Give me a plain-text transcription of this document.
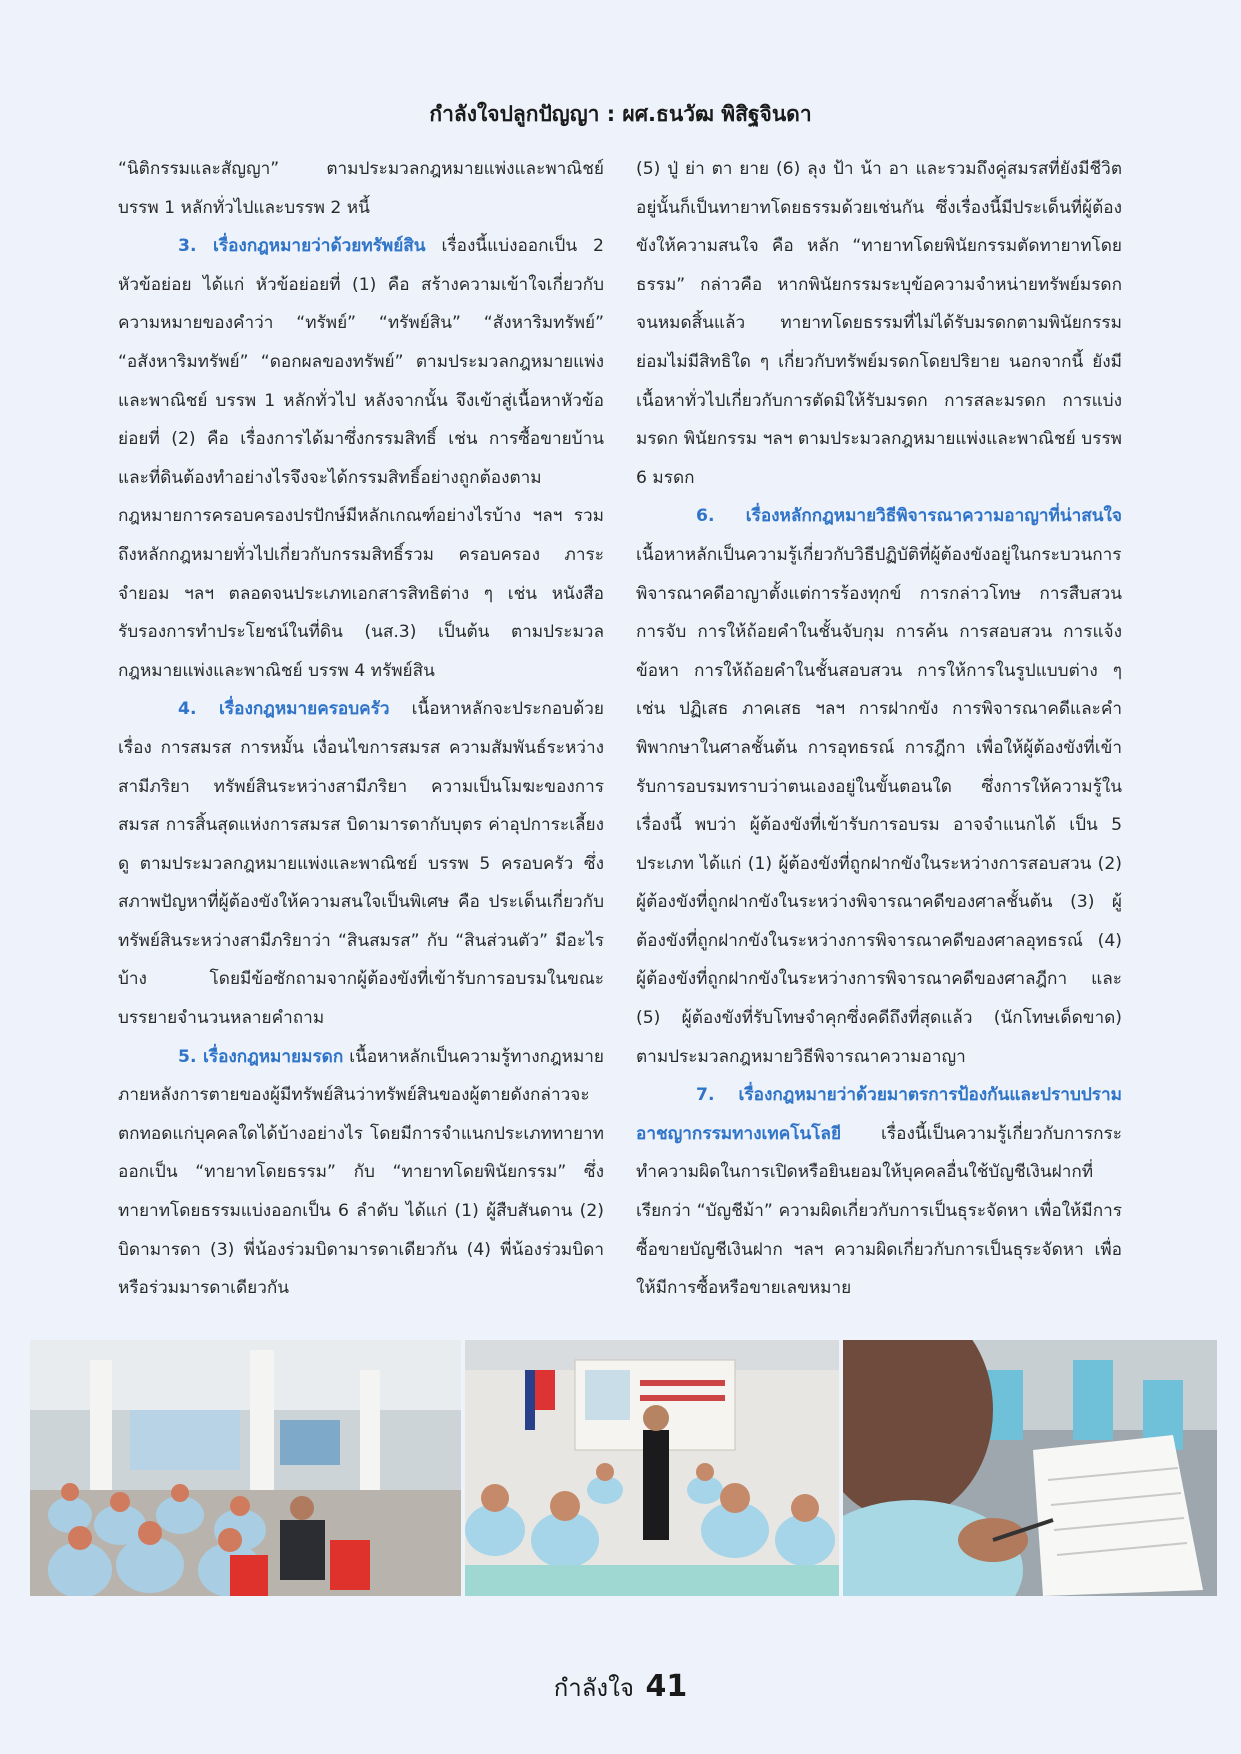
กำลังใจปลูกปัญญา : ผศ.ธนวัฒ พิสิฐจินดา

“นิติกรรมและสัญญา” ตามประมวลกฎหมายแพ่งและพาณิชย์ บรรพ 1 หลักทั่วไปและบรรพ 2 หนี้

3. เรื่องกฎหมายว่าด้วยทรัพย์สิน เรื่องนี้แบ่งออกเป็น 2 หัวข้อย่อย ได้แก่ หัวข้อย่อยที่ (1) คือ สร้างความเข้าใจเกี่ยวกับความหมายของคำว่า “ทรัพย์” “ทรัพย์สิน” “สังหาริมทรัพย์” “อสังหาริมทรัพย์” “ดอกผลของทรัพย์” ตามประมวลกฎหมายแพ่งและพาณิชย์ บรรพ 1 หลักทั่วไป หลังจากนั้น จึงเข้าสู่เนื้อหาหัวข้อย่อยที่ (2) คือ เรื่องการได้มาซึ่งกรรมสิทธิ์ เช่น การซื้อขายบ้านและที่ดินต้องทำอย่างไรจึงจะได้กรรมสิทธิ์อย่างถูกต้องตามกฎหมายการครอบครองปรปักษ์มีหลักเกณฑ์อย่างไรบ้าง ฯลฯ รวมถึงหลักกฎหมายทั่วไปเกี่ยวกับกรรมสิทธิ์รวม ครอบครอง ภาระจำยอม ฯลฯ ตลอดจนประเภทเอกสารสิทธิต่าง ๆ เช่น หนังสือรับรองการทำประโยชน์ในที่ดิน (นส.3) เป็นต้น ตามประมวลกฎหมายแพ่งและพาณิชย์ บรรพ 4 ทรัพย์สิน

4. เรื่องกฎหมายครอบครัว เนื้อหาหลักจะประกอบด้วย เรื่อง การสมรส การหมั้น เงื่อนไขการสมรส ความสัมพันธ์ระหว่างสามีภริยา ทรัพย์สินระหว่างสามีภริยา ความเป็นโมฆะของการสมรส การสิ้นสุดแห่งการสมรส บิดามารดากับบุตร ค่าอุปการะเลี้ยงดู ตามประมวลกฎหมายแพ่งและพาณิชย์ บรรพ 5 ครอบครัว ซึ่งสภาพปัญหาที่ผู้ต้องขังให้ความสนใจเป็นพิเศษ คือ ประเด็นเกี่ยวกับทรัพย์สินระหว่างสามีภริยาว่า “สินสมรส” กับ “สินส่วนตัว” มีอะไรบ้าง โดยมีข้อซักถามจากผู้ต้องขังที่เข้ารับการอบรมในขณะบรรยายจำนวนหลายคำถาม

5. เรื่องกฎหมายมรดก เนื้อหาหลักเป็นความรู้ทางกฎหมายภายหลังการตายของผู้มีทรัพย์สินว่าทรัพย์สินของผู้ตายดังกล่าวจะตกทอดแก่บุคคลใดได้บ้างอย่างไร โดยมีการจำแนกประเภททายาทออกเป็น “ทายาทโดยธรรม” กับ “ทายาทโดยพินัยกรรม” ซึ่งทายาทโดยธรรมแบ่งออกเป็น 6 ลำดับ ได้แก่ (1) ผู้สืบสันดาน (2) บิดามารดา (3) พี่น้องร่วมบิดามารดาเดียวกัน (4) พี่น้องร่วมบิดาหรือร่วมมารดาเดียวกัน

(5) ปู่ ย่า ตา ยาย (6) ลุง ป้า น้า อา และรวมถึงคู่สมรสที่ยังมีชีวิตอยู่นั้นก็เป็นทายาทโดยธรรมด้วยเช่นกัน ซึ่งเรื่องนี้มีประเด็นที่ผู้ต้องขังให้ความสนใจ คือ หลัก “ทายาทโดยพินัยกรรมตัดทายาทโดยธรรม” กล่าวคือ หากพินัยกรรมระบุข้อความจำหน่ายทรัพย์มรดกจนหมดสิ้นแล้ว ทายาทโดยธรรมที่ไม่ได้รับมรดกตามพินัยกรรมย่อมไม่มีสิทธิใด ๆ เกี่ยวกับทรัพย์มรดกโดยปริยาย นอกจากนี้ ยังมีเนื้อหาทั่วไปเกี่ยวกับการตัดมิให้รับมรดก การสละมรดก การแบ่งมรดก พินัยกรรม ฯลฯ ตามประมวลกฎหมายแพ่งและพาณิชย์ บรรพ 6 มรดก

6. เรื่องหลักกฎหมายวิธีพิจารณาความอาญาที่น่าสนใจ เนื้อหาหลักเป็นความรู้เกี่ยวกับวิธีปฏิบัติที่ผู้ต้องขังอยู่ในกระบวนการพิจารณาคดีอาญาตั้งแต่การร้องทุกข์ การกล่าวโทษ การสืบสวน การจับ การให้ถ้อยคำในชั้นจับกุม การค้น การสอบสวน การแจ้งข้อหา การให้ถ้อยคำในชั้นสอบสวน การให้การในรูปแบบต่าง ๆ เช่น ปฏิเสธ ภาคเสธ ฯลฯ การฝากขัง การพิจารณาคดีและคำพิพากษาในศาลชั้นต้น การอุทธรณ์ การฎีกา เพื่อให้ผู้ต้องขังที่เข้ารับการอบรมทราบว่าตนเองอยู่ในขั้นตอนใด ซึ่งการให้ความรู้ในเรื่องนี้ พบว่า ผู้ต้องขังที่เข้ารับการอบรม อาจจำแนกได้ เป็น 5 ประเภท ได้แก่ (1) ผู้ต้องขังที่ถูกฝากขังในระหว่างการสอบสวน (2) ผู้ต้องขังที่ถูกฝากขังในระหว่างพิจารณาคดีของศาลชั้นต้น (3) ผู้ต้องขังที่ถูกฝากขังในระหว่างการพิจารณาคดีของศาลอุทธรณ์ (4) ผู้ต้องขังที่ถูกฝากขังในระหว่างการพิจารณาคดีของศาลฎีกา และ (5) ผู้ต้องขังที่รับโทษจำคุกซึ่งคดีถึงที่สุดแล้ว (นักโทษเด็ดขาด) ตามประมวลกฎหมายวิธีพิจารณาความอาญา

7. เรื่องกฎหมายว่าด้วยมาตรการป้องกันและปราบปรามอาชญากรรมทางเทคโนโลยี เรื่องนี้เป็นความรู้เกี่ยวกับการกระทำความผิดในการเปิดหรือยินยอมให้บุคคลอื่นใช้บัญชีเงินฝากที่เรียกว่า “บัญชีม้า” ความผิดเกี่ยวกับการเป็นธุระจัดหา เพื่อให้มีการซื้อขายบัญชีเงินฝาก ฯลฯ ความผิดเกี่ยวกับการเป็นธุระจัดหา เพื่อให้มีการซื้อหรือขายเลขหมาย

กำลังใจ 41
